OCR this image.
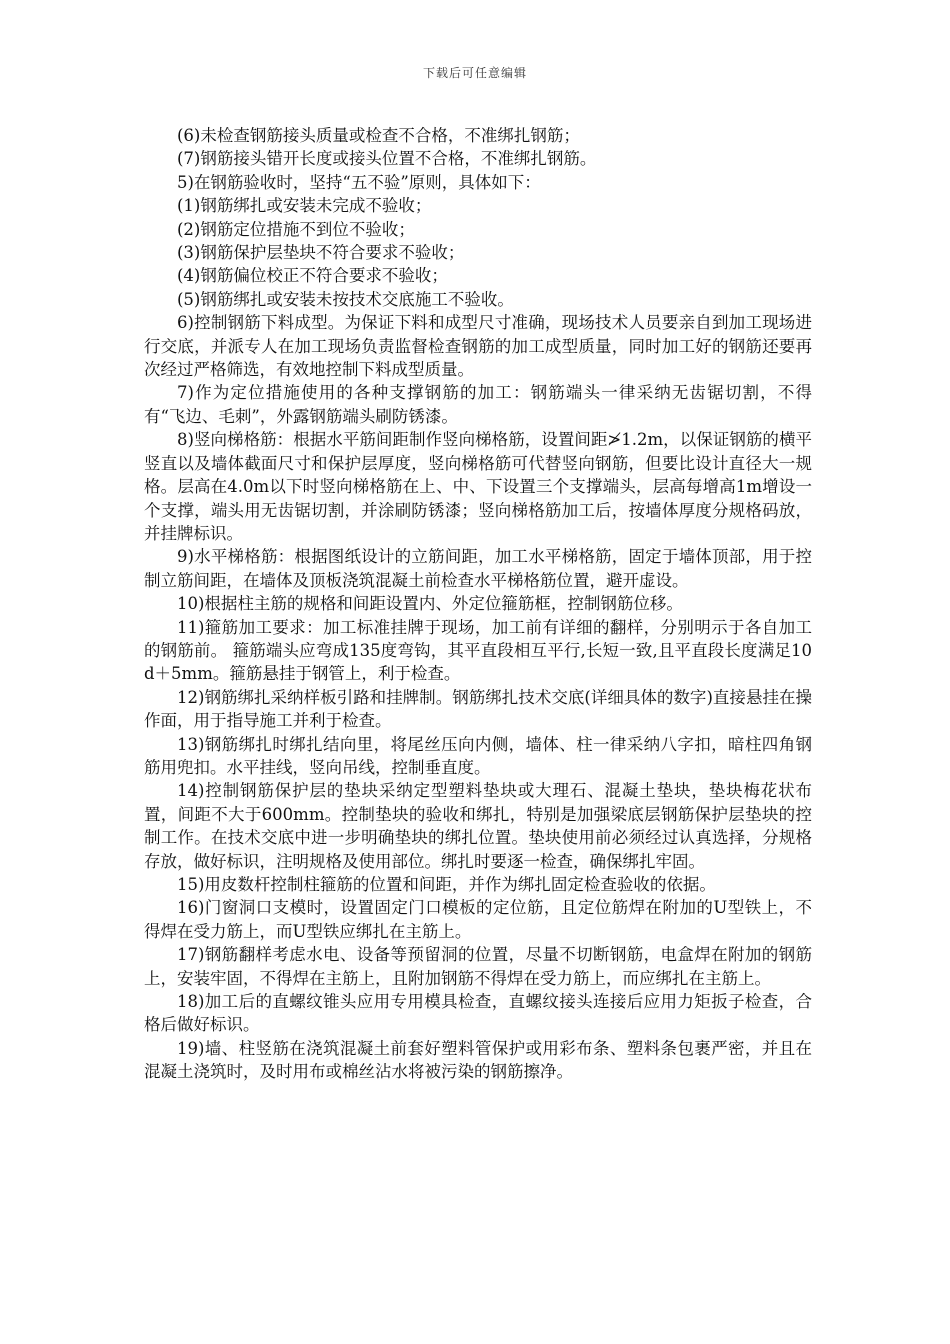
下载后可任意编辑

(6)未检查钢筋接头质量或检查不合格，不准绑扎钢筋；

(7)钢筋接头错开长度或接头位置不合格，不准绑扎钢筋。

5)在钢筋验收时，坚持“五不验”原则，具体如下：

(1)钢筋绑扎或安装未完成不验收；

(2)钢筋定位措施不到位不验收；

(3)钢筋保护层垫块不符合要求不验收；

(4)钢筋偏位校正不符合要求不验收；

(5)钢筋绑扎或安装未按技术交底施工不验收。

6)控制钢筋下料成型。为保证下料和成型尺寸准确，现场技术人员要亲自到加工现场进行交底，并派专人在加工现场负责监督检查钢筋的加工成型质量，同时加工好的钢筋还要再次经过严格筛选，有效地控制下料成型质量。

7)作为定位措施使用的各种支撑钢筋的加工：钢筋端头一律采纳无齿锯切割，不得有“飞边、毛刺”，外露钢筋端头刷防锈漆。

8)竖向梯格筋：根据水平筋间距制作竖向梯格筋，设置间距≯1.2m，以保证钢筋的横平竖直以及墙体截面尺寸和保护层厚度，竖向梯格筋可代替竖向钢筋，但要比设计直径大一规格。层高在4.0m以下时竖向梯格筋在上、中、下设置三个支撑端头，层高每增高1m增设一个支撑，端头用无齿锯切割，并涂刷防锈漆；竖向梯格筋加工后，按墙体厚度分规格码放，并挂牌标识。

9)水平梯格筋：根据图纸设计的立筋间距，加工水平梯格筋，固定于墙体顶部，用于控制立筋间距，在墙体及顶板浇筑混凝土前检查水平梯格筋位置，避开虚设。

10)根据柱主筋的规格和间距设置内、外定位箍筋框，控制钢筋位移。

11)箍筋加工要求：加工标准挂牌于现场，加工前有详细的翻样，分别明示于各自加工的钢筋前。 箍筋端头应弯成135度弯钩，其平直段相互平行,长短一致,且平直段长度满足10d＋5mm。箍筋悬挂于钢管上，利于检查。

12)钢筋绑扎采纳样板引路和挂牌制。钢筋绑扎技术交底(详细具体的数字)直接悬挂在操作面，用于指导施工并利于检查。

13)钢筋绑扎时绑扎结向里，将尾丝压向内侧，墙体、柱一律采纳八字扣，暗柱四角钢筋用兜扣。水平挂线，竖向吊线，控制垂直度。

14)控制钢筋保护层的垫块采纳定型塑料垫块或大理石、混凝土垫块，垫块梅花状布置，间距不大于600mm。控制垫块的验收和绑扎，特别是加强梁底层钢筋保护层垫块的控制工作。在技术交底中进一步明确垫块的绑扎位置。垫块使用前必须经过认真选择，分规格存放，做好标识，注明规格及使用部位。绑扎时要逐一检查，确保绑扎牢固。

15)用皮数杆控制柱箍筋的位置和间距，并作为绑扎固定检查验收的依据。

16)门窗洞口支模时，设置固定门口模板的定位筋，且定位筋焊在附加的U型铁上，不得焊在受力筋上，而U型铁应绑扎在主筋上。

17)钢筋翻样考虑水电、设备等预留洞的位置，尽量不切断钢筋，电盒焊在附加的钢筋上，安装牢固，不得焊在主筋上，且附加钢筋不得焊在受力筋上，而应绑扎在主筋上。

18)加工后的直螺纹锥头应用专用模具检查，直螺纹接头连接后应用力矩扳子检查，合格后做好标识。

19)墙、柱竖筋在浇筑混凝土前套好塑料管保护或用彩布条、塑料条包裹严密，并且在混凝土浇筑时，及时用布或棉丝沾水将被污染的钢筋擦净。
